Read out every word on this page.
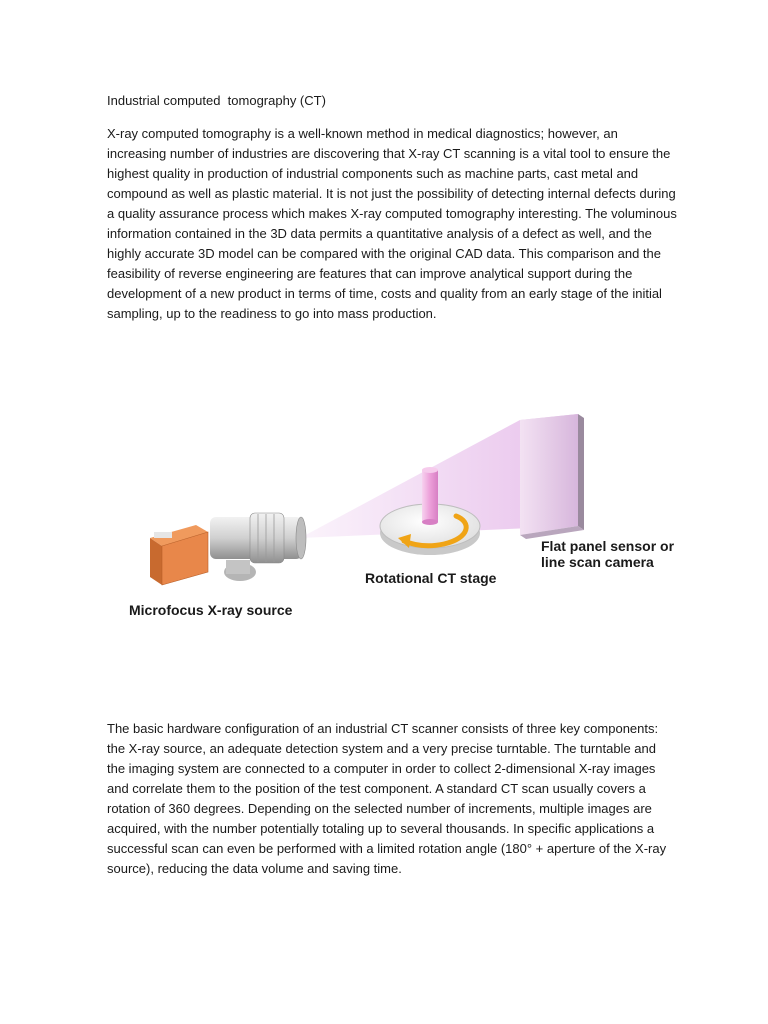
Industrial computed  tomography (CT)

X-ray computed tomography is a well-known method in medical diagnostics; however, an increasing number of industries are discovering that X-ray CT scanning is a vital tool to ensure the highest quality in production of industrial components such as machine parts, cast metal and compound as well as plastic material. It is not just the possibility of detecting internal defects during a quality assurance process which makes X-ray computed tomography interesting. The voluminous information contained in the 3D data permits a quantitative analysis of a defect as well, and the highly accurate 3D model can be compared with the original CAD data. This comparison and the feasibility of reverse engineering are features that can improve analytical support during the development of a new product in terms of time, costs and quality from an early stage of the initial sampling, up to the readiness to go into mass production.

Rotational CT stage
Flat panel sensor or
line scan camera
Microfocus X-ray source

The basic hardware configuration of an industrial CT scanner consists of three key components: the X-ray source, an adequate detection system and a very precise turntable. The turntable and the imaging system are connected to a computer in order to collect 2-dimensional X-ray images and correlate them to the position of the test component. A standard CT scan usually covers a rotation of 360 degrees. Depending on the selected number of increments, multiple images are acquired, with the number potentially totaling up to several thousands. In specific applications a successful scan can even be performed with a limited rotation angle (180° + aperture of the X-ray source), reducing the data volume and saving time.
